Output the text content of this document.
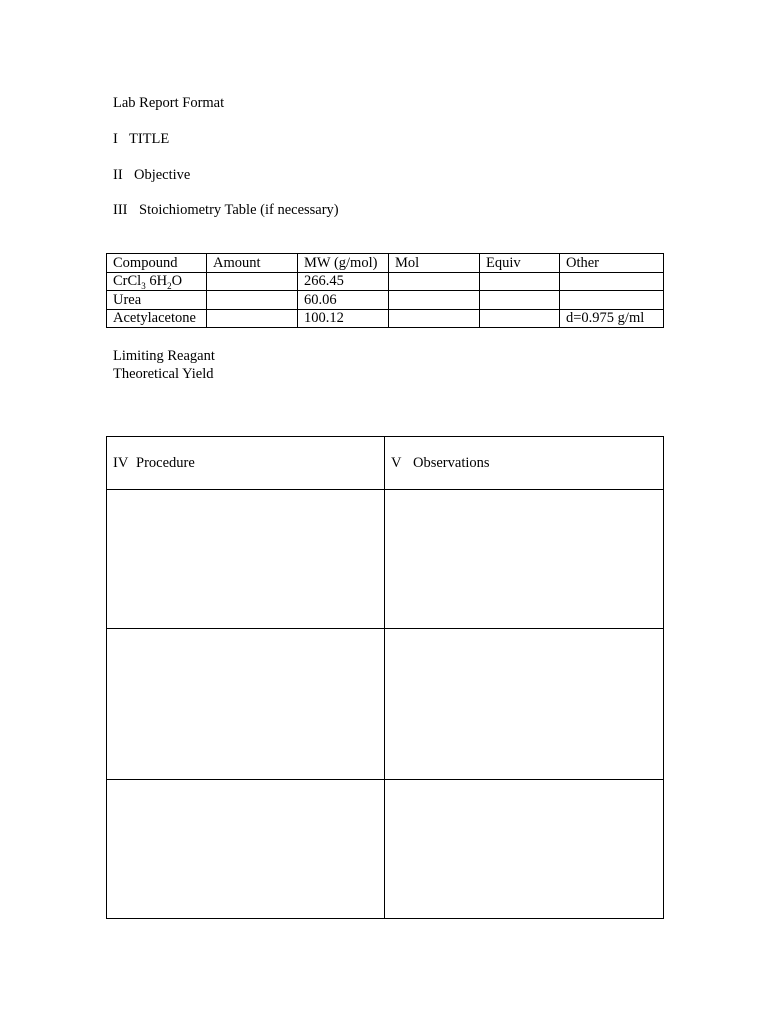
Lab Report Format
I TITLE
II Objective
III Stoichiometry Table (if necessary)
Compound	Amount	MW (g/mol)	Mol	Equiv	Other
CrCl$_3$ $6H_2O$		266.45			
Urea		60.06			
Acetylacetone		100.12			d=0.975 g/ml
Limiting Reagant
Theoretical Yield
IV Procedure	V Observations
